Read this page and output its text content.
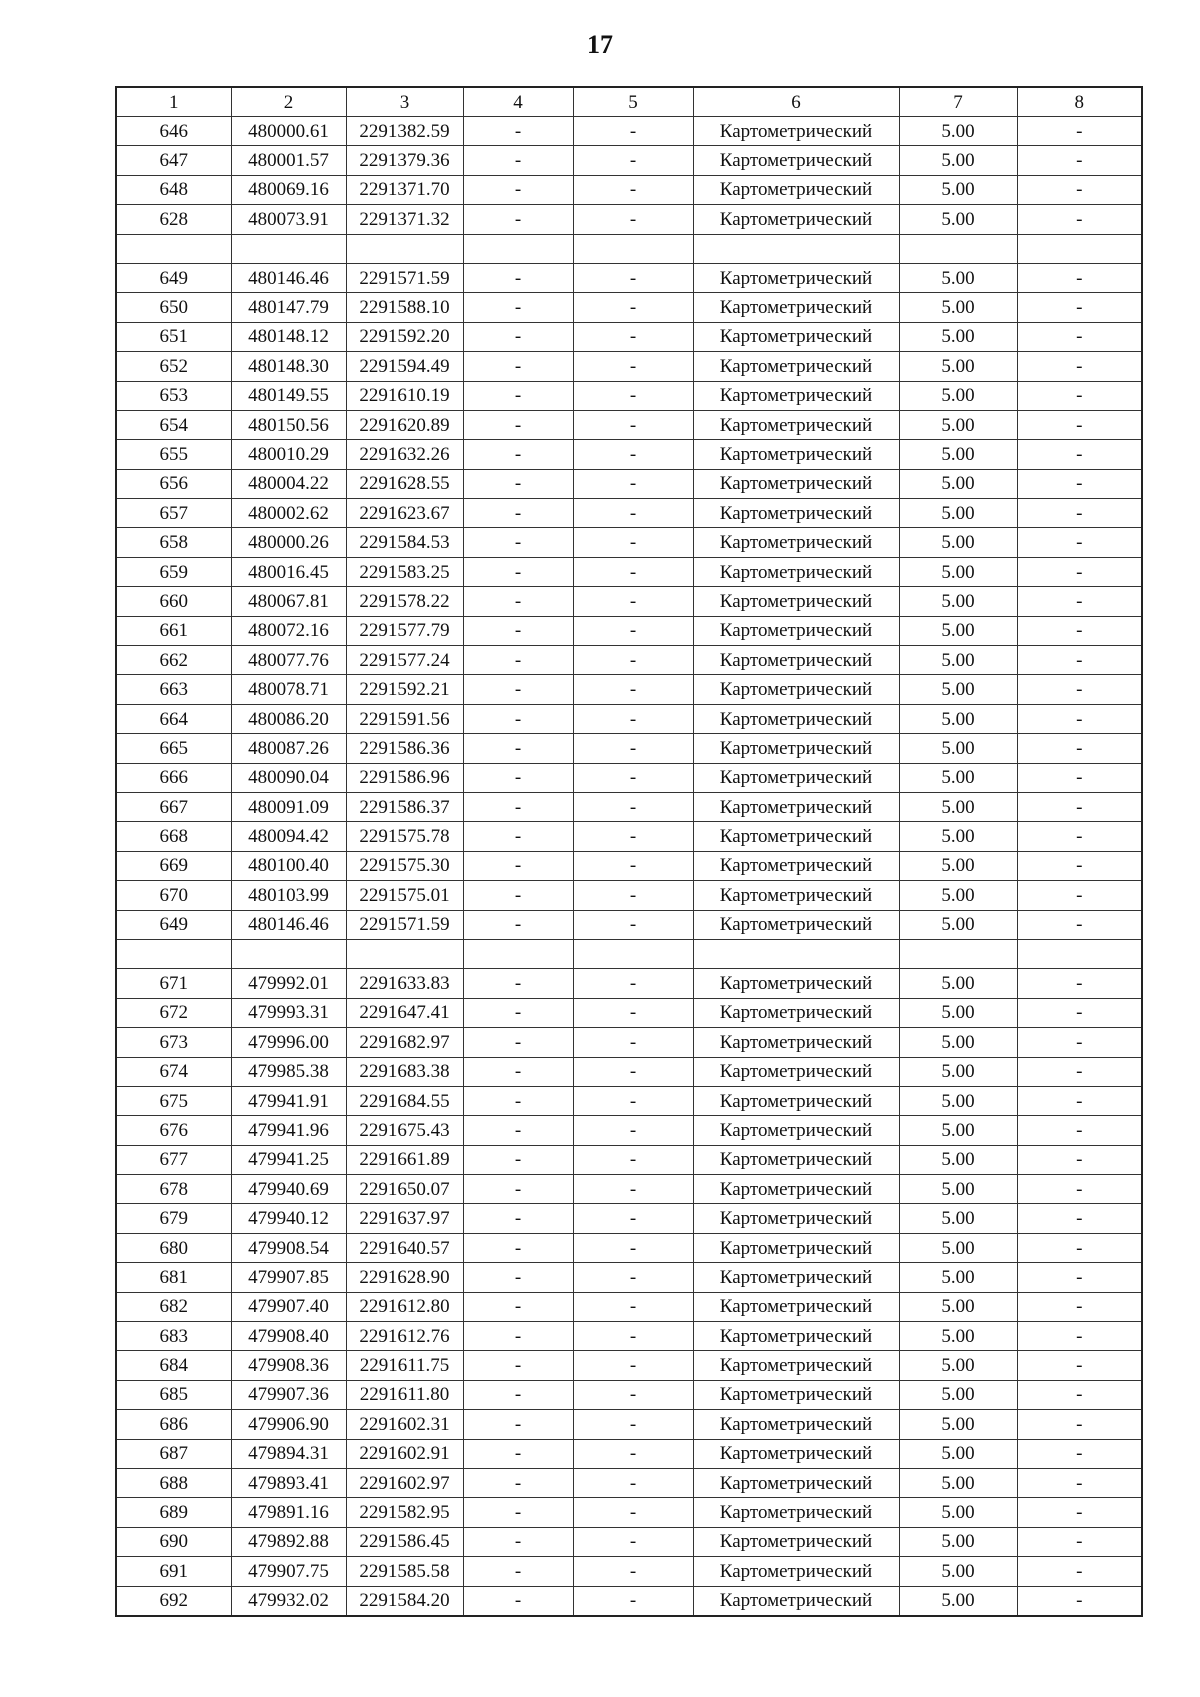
17
1	2	3	4	5	6	7	8
646	480000.61	2291382.59	-	-	Картометрический	5.00	-
647	480001.57	2291379.36	-	-	Картометрический	5.00	-
648	480069.16	2291371.70	-	-	Картометрический	5.00	-
628	480073.91	2291371.32	-	-	Картометрический	5.00	-

649	480146.46	2291571.59	-	-	Картометрический	5.00	-
650	480147.79	2291588.10	-	-	Картометрический	5.00	-
651	480148.12	2291592.20	-	-	Картометрический	5.00	-
652	480148.30	2291594.49	-	-	Картометрический	5.00	-
653	480149.55	2291610.19	-	-	Картометрический	5.00	-
654	480150.56	2291620.89	-	-	Картометрический	5.00	-
655	480010.29	2291632.26	-	-	Картометрический	5.00	-
656	480004.22	2291628.55	-	-	Картометрический	5.00	-
657	480002.62	2291623.67	-	-	Картометрический	5.00	-
658	480000.26	2291584.53	-	-	Картометрический	5.00	-
659	480016.45	2291583.25	-	-	Картометрический	5.00	-
660	480067.81	2291578.22	-	-	Картометрический	5.00	-
661	480072.16	2291577.79	-	-	Картометрический	5.00	-
662	480077.76	2291577.24	-	-	Картометрический	5.00	-
663	480078.71	2291592.21	-	-	Картометрический	5.00	-
664	480086.20	2291591.56	-	-	Картометрический	5.00	-
665	480087.26	2291586.36	-	-	Картометрический	5.00	-
666	480090.04	2291586.96	-	-	Картометрический	5.00	-
667	480091.09	2291586.37	-	-	Картометрический	5.00	-
668	480094.42	2291575.78	-	-	Картометрический	5.00	-
669	480100.40	2291575.30	-	-	Картометрический	5.00	-
670	480103.99	2291575.01	-	-	Картометрический	5.00	-
649	480146.46	2291571.59	-	-	Картометрический	5.00	-

671	479992.01	2291633.83	-	-	Картометрический	5.00	-
672	479993.31	2291647.41	-	-	Картометрический	5.00	-
673	479996.00	2291682.97	-	-	Картометрический	5.00	-
674	479985.38	2291683.38	-	-	Картометрический	5.00	-
675	479941.91	2291684.55	-	-	Картометрический	5.00	-
676	479941.96	2291675.43	-	-	Картометрический	5.00	-
677	479941.25	2291661.89	-	-	Картометрический	5.00	-
678	479940.69	2291650.07	-	-	Картометрический	5.00	-
679	479940.12	2291637.97	-	-	Картометрический	5.00	-
680	479908.54	2291640.57	-	-	Картометрический	5.00	-
681	479907.85	2291628.90	-	-	Картометрический	5.00	-
682	479907.40	2291612.80	-	-	Картометрический	5.00	-
683	479908.40	2291612.76	-	-	Картометрический	5.00	-
684	479908.36	2291611.75	-	-	Картометрический	5.00	-
685	479907.36	2291611.80	-	-	Картометрический	5.00	-
686	479906.90	2291602.31	-	-	Картометрический	5.00	-
687	479894.31	2291602.91	-	-	Картометрический	5.00	-
688	479893.41	2291602.97	-	-	Картометрический	5.00	-
689	479891.16	2291582.95	-	-	Картометрический	5.00	-
690	479892.88	2291586.45	-	-	Картометрический	5.00	-
691	479907.75	2291585.58	-	-	Картометрический	5.00	-
692	479932.02	2291584.20	-	-	Картометрический	5.00	-
